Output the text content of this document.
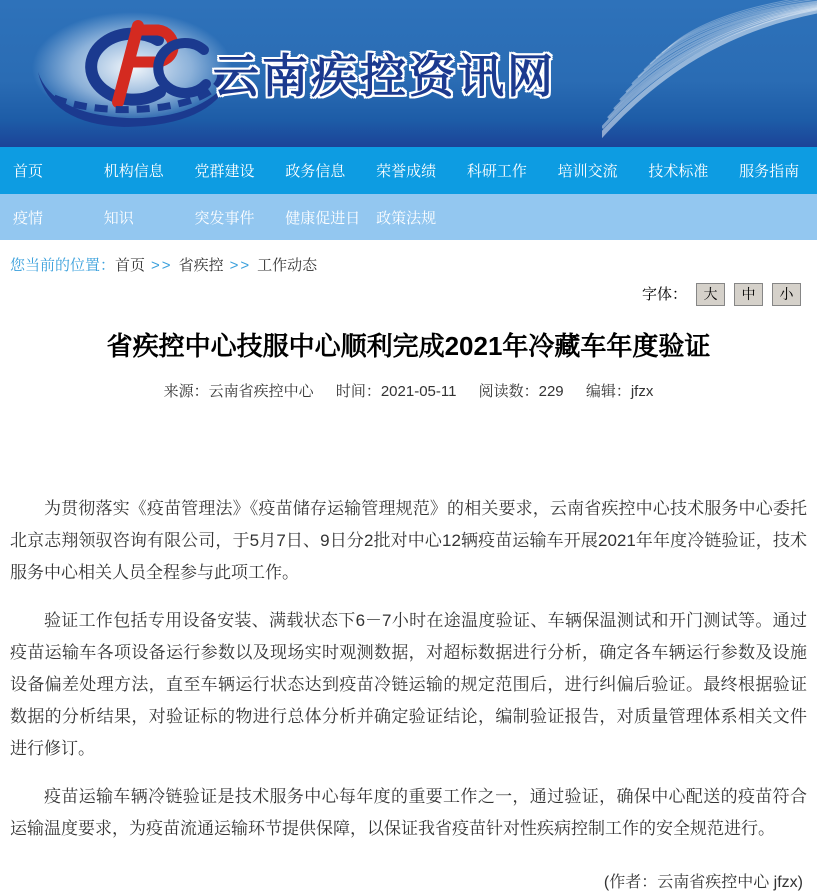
云南疾控资讯网
首页	机构信息	党群建设	政务信息	荣誉成绩	科研工作	培训交流	技术标准	服务指南
疫情	知识	突发事件	健康促进日	政策法规
您当前的位置：首页 >> 省疾控 >> 工作动态
字体： 大 中 小
省疾控中心技服中心顺利完成2021年冷藏车年度验证
来源：云南省疾控中心 时间：2021-05-11 阅读数：229 编辑：jfzx

为贯彻落实《疫苗管理法》《疫苗储存运输管理规范》的相关要求，云南省疾控中心技术服务中心委托北京志翔领驭咨询有限公司，于5月7日、9日分2批对中心12辆疫苗运输车开展2021年年度冷链验证，技术服务中心相关人员全程参与此项工作。

验证工作包括专用设备安装、满载状态下6－7小时在途温度验证、车辆保温测试和开门测试等。通过疫苗运输车各项设备运行参数以及现场实时观测数据，对超标数据进行分析，确定各车辆运行参数及设施设备偏差处理方法，直至车辆运行状态达到疫苗冷链运输的规定范围后，进行纠偏后验证。最终根据验证数据的分析结果，对验证标的物进行总体分析并确定验证结论，编制验证报告，对质量管理体系相关文件进行修订。

疫苗运输车辆冷链验证是技术服务中心每年度的重要工作之一，通过验证，确保中心配送的疫苗符合运输温度要求，为疫苗流通运输环节提供保障，以保证我省疫苗针对性疾病控制工作的安全规范进行。

(作者：云南省疾控中心 jfzx)
